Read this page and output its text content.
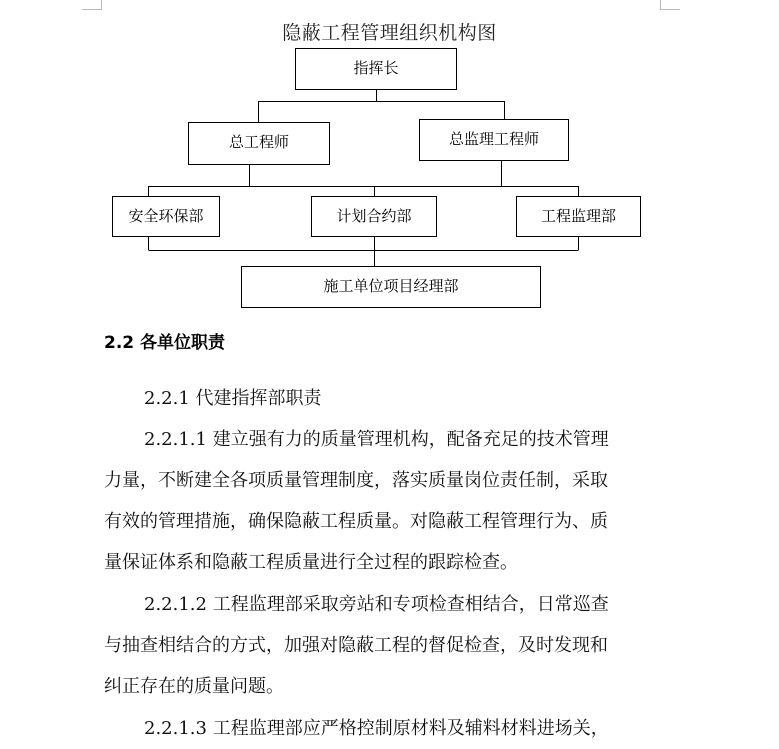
隐蔽工程管理组织机构图
指挥长
总工程师	总监理工程师
安全环保部	计划合约部	工程监理部
施工单位项目经理部
2.2 各单位职责
2.2.1 代建指挥部职责
2.2.1.1 建立强有力的质量管理机构，配备充足的技术管理
力量，不断建全各项质量管理制度，落实质量岗位责任制，采取
有效的管理措施，确保隐蔽工程质量。对隐蔽工程管理行为、质
量保证体系和隐蔽工程质量进行全过程的跟踪检查。
2.2.1.2 工程监理部采取旁站和专项检查相结合，日常巡查
与抽查相结合的方式，加强对隐蔽工程的督促检查，及时发现和
纠正存在的质量问题。
2.2.1.3 工程监理部应严格控制原材料及辅料材料进场关，
